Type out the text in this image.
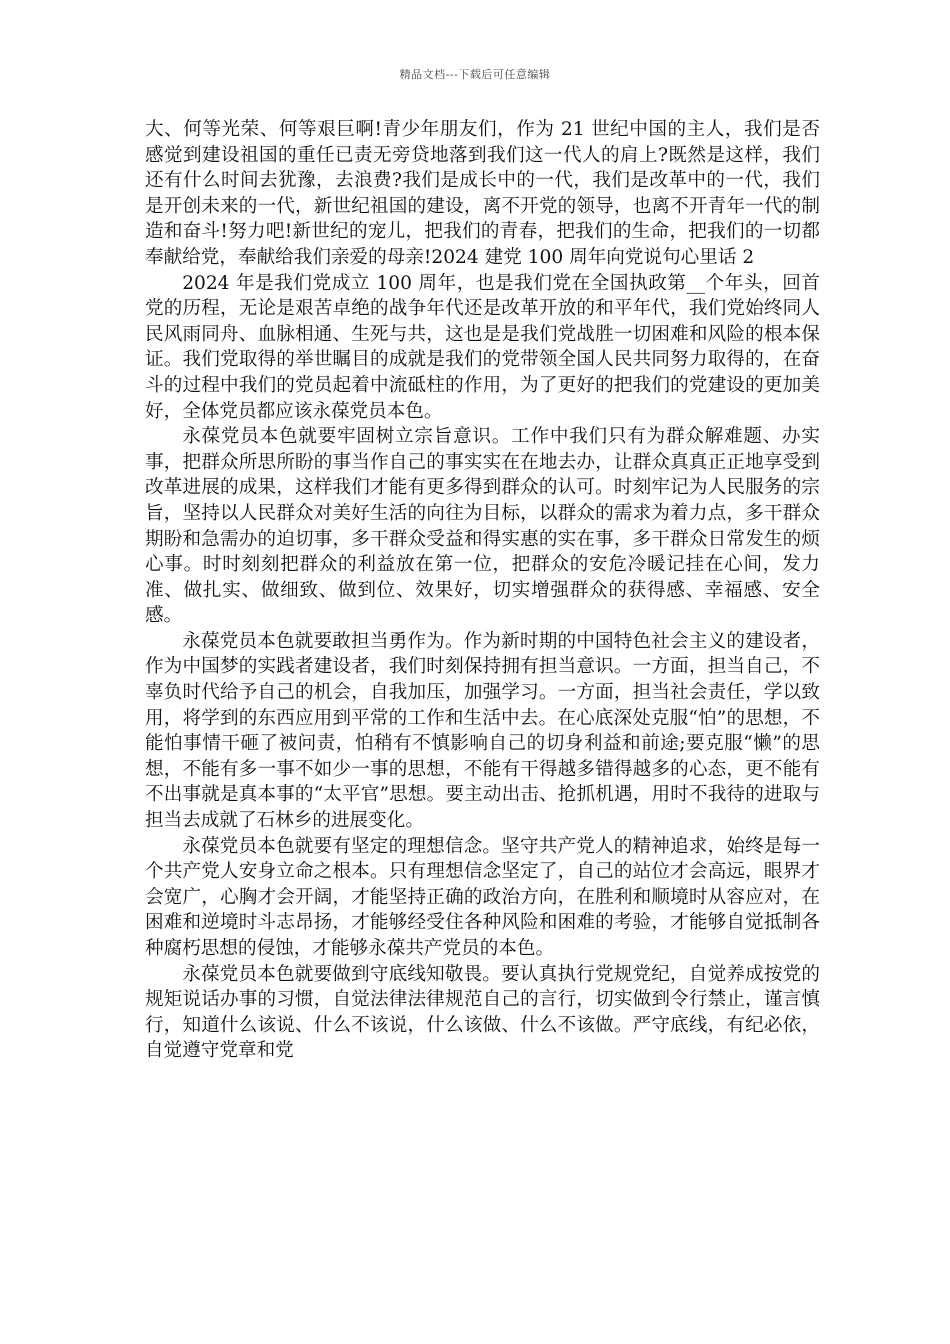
精品文档---下载后可任意编辑

大、何等光荣、何等艰巨啊!青少年朋友们，作为 21 世纪中国的主人，我们是否感觉到建设祖国的重任已责无旁贷地落到我们这一代人的肩上?既然是这样，我们还有什么时间去犹豫，去浪费?我们是成长中的一代，我们是改革中的一代，我们是开创未来的一代，新世纪祖国的建设，离不开党的领导，也离不开青年一代的制造和奋斗!努力吧!新世纪的宠儿，把我们的青春，把我们的生命，把我们的一切都奉献给党，奉献给我们亲爱的母亲!2024 建党 100 周年向党说句心里话 2

2024 年是我们党成立 100 周年，也是我们党在全国执政第__个年头，回首党的历程，无论是艰苦卓绝的战争年代还是改革开放的和平年代，我们党始终同人民风雨同舟、血脉相通、生死与共，这也是是我们党战胜一切困难和风险的根本保证。我们党取得的举世瞩目的成就是我们的党带领全国人民共同努力取得的，在奋斗的过程中我们的党员起着中流砥柱的作用，为了更好的把我们的党建设的更加美好，全体党员都应该永葆党员本色。

永葆党员本色就要牢固树立宗旨意识。工作中我们只有为群众解难题、办实事，把群众所思所盼的事当作自己的事实实在在地去办，让群众真真正正地享受到改革进展的成果，这样我们才能有更多得到群众的认可。时刻牢记为人民服务的宗旨，坚持以人民群众对美好生活的向往为目标，以群众的需求为着力点，多干群众期盼和急需办的迫切事，多干群众受益和得实惠的实在事，多干群众日常发生的烦心事。时时刻刻把群众的利益放在第一位，把群众的安危冷暖记挂在心间，发力准、做扎实、做细致、做到位、效果好，切实增强群众的获得感、幸福感、安全感。

永葆党员本色就要敢担当勇作为。作为新时期的中国特色社会主义的建设者，作为中国梦的实践者建设者，我们时刻保持拥有担当意识。一方面，担当自己，不辜负时代给予自己的机会，自我加压，加强学习。一方面，担当社会责任，学以致用，将学到的东西应用到平常的工作和生活中去。在心底深处克服“怕”的思想，不能怕事情干砸了被问责，怕稍有不慎影响自己的切身利益和前途;要克服“懒”的思想，不能有多一事不如少一事的思想，不能有干得越多错得越多的心态，更不能有不出事就是真本事的“太平官”思想。要主动出击、抢抓机遇，用时不我待的进取与担当去成就了石林乡的进展变化。

永葆党员本色就要有坚定的理想信念。坚守共产党人的精神追求，始终是每一个共产党人安身立命之根本。只有理想信念坚定了，自己的站位才会高远，眼界才会宽广，心胸才会开阔，才能坚持正确的政治方向，在胜利和顺境时从容应对，在困难和逆境时斗志昂扬，才能够经受住各种风险和困难的考验，才能够自觉抵制各种腐朽思想的侵蚀，才能够永葆共产党员的本色。

永葆党员本色就要做到守底线知敬畏。要认真执行党规党纪，自觉养成按党的规矩说话办事的习惯，自觉法律法律规范自己的言行，切实做到令行禁止，谨言慎行，知道什么该说、什么不该说，什么该做、什么不该做。严守底线，有纪必依，自觉遵守党章和党
